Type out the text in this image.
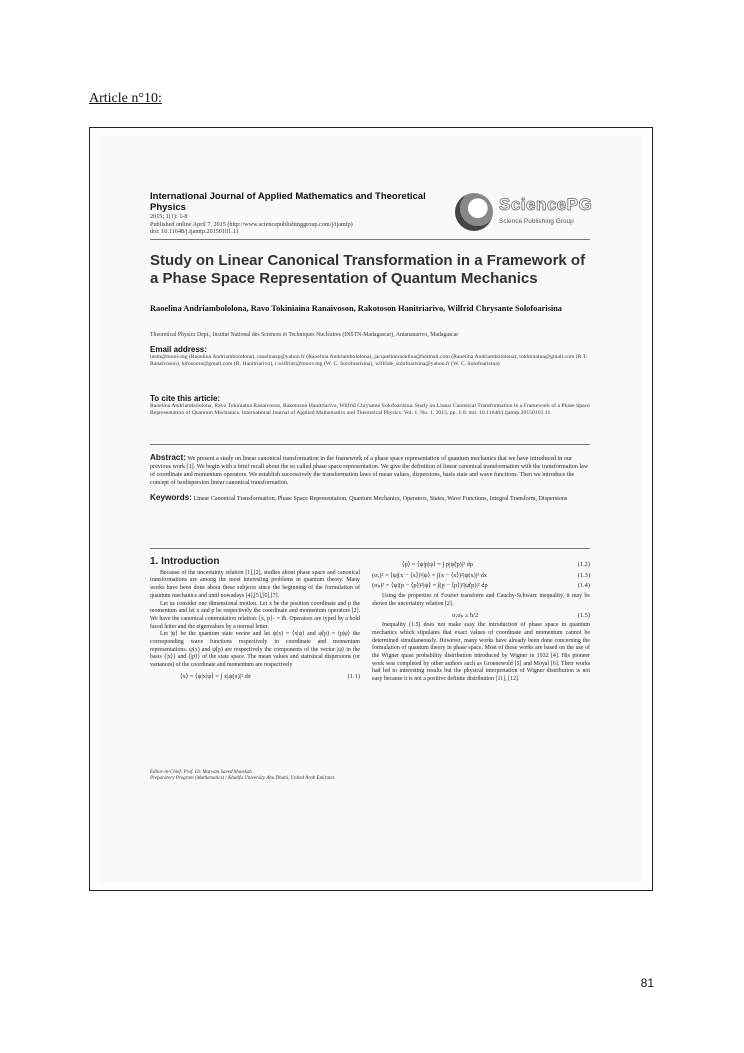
Article n°10:
International Journal of Applied Mathematics and Theoretical Physics
2015; 1(1): 1-8
Published online April 7, 2015 (http://www.sciencepublishinggroup.com/j/ijamtp)
doi: 10.11648/j.ijamtp.20150101.11
SciencePG
Science Publishing Group
Study on Linear Canonical Transformation in a Framework of a Phase Space Representation of Quantum Mechanics
Raoelina Andriambololona, Ravo Tokiniaina Ranaivoson, Rakotoson Hanitriarivo, Wilfrid Chrysante Solofoarisina
Theoretical Physics Dept., Institut National des Sciences et Techniques Nucléaires (INSTN-Madagascar), Antananarivo, Madagascar
Email address:
instn@moov.mg (Raoelina Andriambololona), raoelinasp@yahoo.fr (Raoelina Andriambololona), jacquelineraoelina@hotmail.com (Raoelina Andriambololona), tokhiniaina@gmail.com (R.T. Ranaivoson), infosoora@gmail.com (R. Hanitriarivo), r.wilfridc@moov.mg (W. C. Solofoarisina), wilfride_solofoarisina@yahoo.fr (W. C. Solofoarisina)
To cite this article:
Raoelina Andriambololona, Ravo Tokiniaina Ranaivoson, Rakotoson Hanitriarivo, Wilfrid Chrysante Solofoarisina. Study on Linear Canonical Transformation in a Framework of a Phase Space Representation of Quantum Mechanics. International Journal of Applied Mathematics and Theoretical Physics. Vol. 1, No. 1, 2015, pp. 1-8. doi: 10.11648/j.ijamtp.20150101.11
Abstract: We present a study on linear canonical transformation in the framework of a phase space representation of quantum mechanics that we have introduced in our previous work [1]. We begin with a brief recall about the so called phase space representation. We give the definition of linear canonical transformation with the transformation law of coordinate and momentum operators. We establish successively the transformation laws of mean values, dispersions, basis state and wave functions. Then we introduce the concept of isodispersion linear canonical transformation.
Keywords: Linear Canonical Transformation, Phase Space Representation, Quantum Mechanics, Operators, States, Wave Functions, Integral Transform, Dispersions
1. Introduction
Because of the uncertainty relation [1],[2], studies about phase space and canonical transformations are among the most interesting problems in quantum theory. Many works have been done about these subjects since the beginning of the formulation of quantum mechanics and until nowadays [4],[5],[6],[7].
Let us consider one dimensional motion. Let x be the position coordinate and p the momentum and let x and p be respectively the coordinate and momentum operators [2]. We have the canonical commutation relation: [x, p]₋ = iħ. Operators are typed by a bold faced letter and the eigenvalues by a normal letter.
Let |ψ⟩ be the quantum state vector and let ψ(x) = ⟨x|ψ⟩ and ψ̃(p) = ⟨p|ψ⟩ the corresponding wave functions respectively in coordinate and momentum representations. ψ(x) and ψ̃(p) are respectively the components of the vector |ψ⟩ in the basis {|x⟩} and {|p⟩} of the state space. The mean values and statistical dispersions (or variances) of the coordinate and momentum are respectively
⟨x⟩ = ⟨ψ|x|ψ⟩ = ∫ x|ψ(x)|² dx	(1.1)
⟨p⟩ = ⟨ψ|p|ψ⟩ = ∫ p|ψ̃(p)|² dp	(1.2)
(σₓ)² = ⟨ψ|(x − ⟨x⟩)²|ψ⟩ = ∫(x − ⟨x⟩)²|ψ(x)|² dx	(1.3)
(σₚ)² = ⟨ψ|(p − ⟨p⟩)²|ψ⟩ = ∫(p − ⟨p⟩)²|ψ̃(p)|² dp	(1.4)
Using the properties of Fourier transform and Cauchy-Schwarz inequality, it may be shown the uncertainty relation [2].
σₓσₚ ≥ ħ/2	(1.5)
Inequality (1.5) does not make easy the introduction of phase space in quantum mechanics which stipulates that exact values of coordinate and momentum cannot be determined simultaneously. However, many works have already been done concerning the formulation of quantum theory in phase space. Most of those works are based on the use of the Wigner quasi probability distribution introduced by Wigner in 1932 [4]. His pioneer work was completed by other authors such as Groenewold [5] and Moyal [6]. Their works had led to interesting results but the physical interpretation of Wigner distribution is not easy because it is not a positive definite distribution [11], [12].
Editor-in-Chief: Prof. Dr. Marwan Saeed Shawkah
Preparatory Program (Mathematics) / Khalifa University Abu Dhabi, United Arab Emirates
81
